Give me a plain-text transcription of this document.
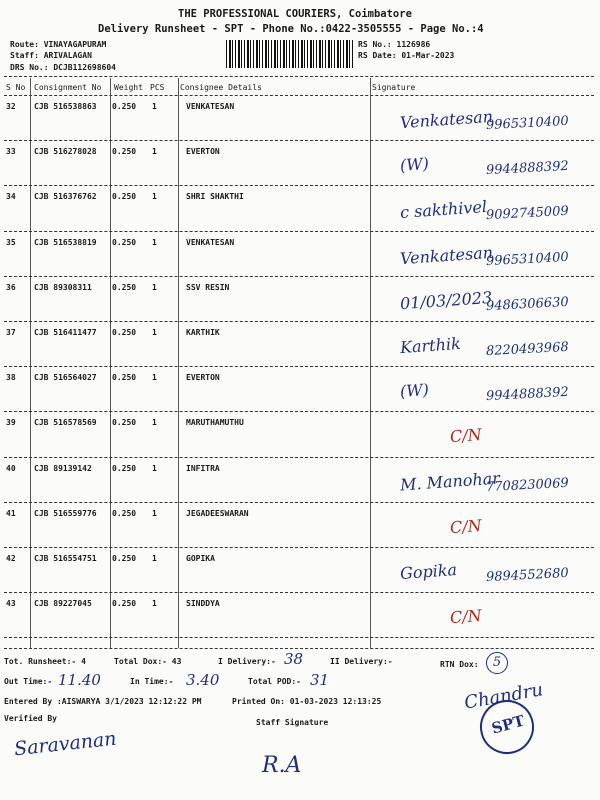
THE PROFESSIONAL COURIERS, Coimbatore
Delivery Runsheet - SPT - Phone No.:0422-3505555 - Page No.:4
Route: VINAYAGAPURAM
Staff: ARIVALAGAN
DRS No.: DCJB112698604
RS No.: 1126986
RS Date: 01-Mar-2023
S No Consignment No Weight PCS Consignee Details	Signature
32 CJB 516538863 0.250 1	VENKATESAN
Venkatesan
9965310400
33 CJB 516278028 0.250 1	EVERTON
(W)	9944888392
34 CJB 516376762 0.250 1	SHRI SHAKTHI
c sakthivel
9092745009
35 CJB 516538819 0.250 1	VENKATESAN
Venkatesan
9965310400
36 CJB 89308311	0.250 1	SSV RESIN
01/03/2023
9486306630
37 CJB 516411477 0.250 1	KARTHIK
Karthik 8220493968
38 CJB 516564027 0.250 1	EVERTON
(W)	9944888392
39 CJB 516578569 0.250 1	MARUTHAMUTHU
C/N
40 CJB 89139142	0.250 1	INFITRA
M. Manohar
7708230069
41 CJB 516559776 0.250 1	JEGADEESWARAN
C/N
42 CJB 516554751 0.250 1	GOPIKA
Gopika 9894552680
43 CJB 89227045	0.250 1	SINDDYA
C/N
Tot. Runsheet:- 4	Total Dox:- 43	I Delivery:- 38	II Delivery:-	RTN Dox:	5
Out Time:- 11.40	In Time:- 3.40	Total POD:- 31
Entered By :AISWARYA 3/1/2023 12:12:22 PM	Printed On: 01-03-2023 12:13:25
Verified By	Staff Signature
Saravanan
R.A
SPT
Chandru
